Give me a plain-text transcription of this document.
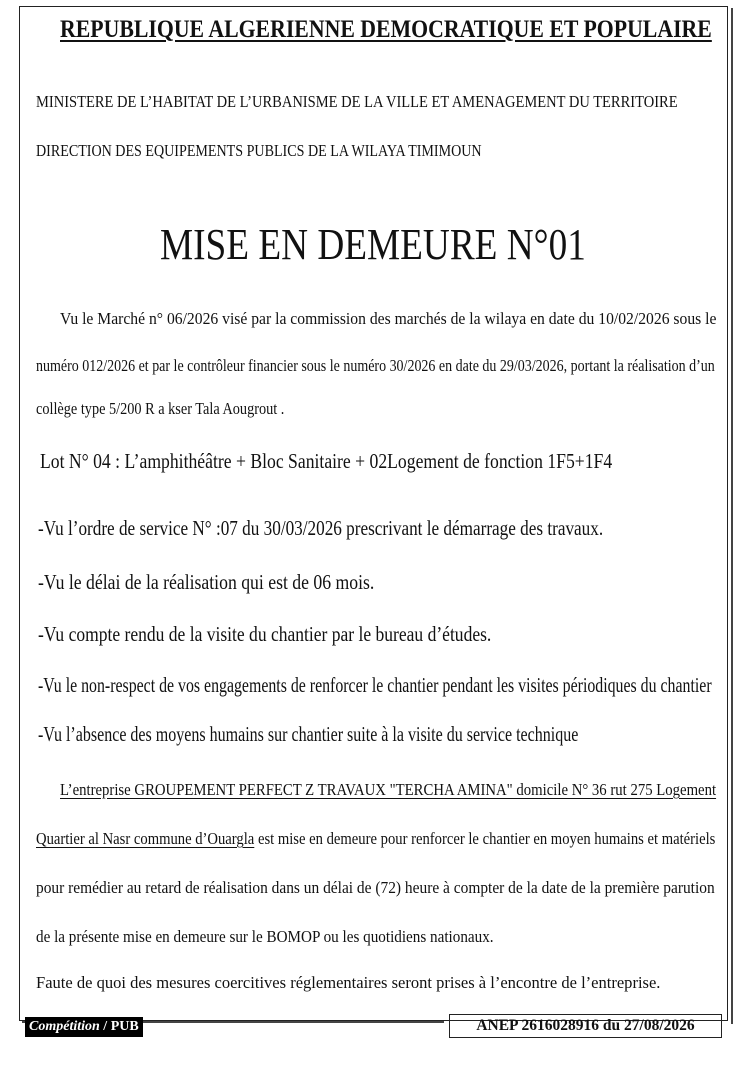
REPUBLIQUE ALGERIENNE DEMOCRATIQUE ET POPULAIRE
MINISTERE DE L’HABITAT DE L’URBANISME DE LA VILLE ET AMENAGEMENT DU TERRITOIRE
DIRECTION DES EQUIPEMENTS PUBLICS DE LA WILAYA TIMIMOUN
MISE EN DEMEURE N°01
Vu le Marché n° 06/2026 visé par la commission des marchés de la wilaya en date du 10/02/2026 sous le
numéro 012/2026 et par le contrôleur financier sous le numéro 30/2026 en date du 29/03/2026, portant la réalisation d’un
collège type 5/200 R a kser Tala Aougrout .
Lot N° 04 : L’amphithéâtre + Bloc Sanitaire + 02Logement de fonction 1F5+1F4
-Vu l’ordre de service N° :07 du 30/03/2026 prescrivant le démarrage des travaux.
-Vu le délai de la réalisation qui est de 06 mois.
-Vu compte rendu de la visite du chantier par le bureau d’études.
-Vu le non-respect de vos engagements de renforcer le chantier pendant les visites périodiques du chantier
-Vu l’absence des moyens humains sur chantier suite à la visite du service technique
L’entreprise GROUPEMENT PERFECT Z TRAVAUX "TERCHA AMINA" domicile N° 36 rut 275 Logement
Quartier al Nasr commune d’Ouargla est mise en demeure pour renforcer le chantier en moyen humains et matériels
pour remédier au retard de réalisation dans un délai de (72) heure à compter de la date de la première parution
de la présente mise en demeure sur le BOMOP ou les quotidiens nationaux.
Faute de quoi des mesures coercitives réglementaires seront prises à l’encontre de l’entreprise.
Compétition / PUB	ANEP 2616028916 du 27/08/2026
